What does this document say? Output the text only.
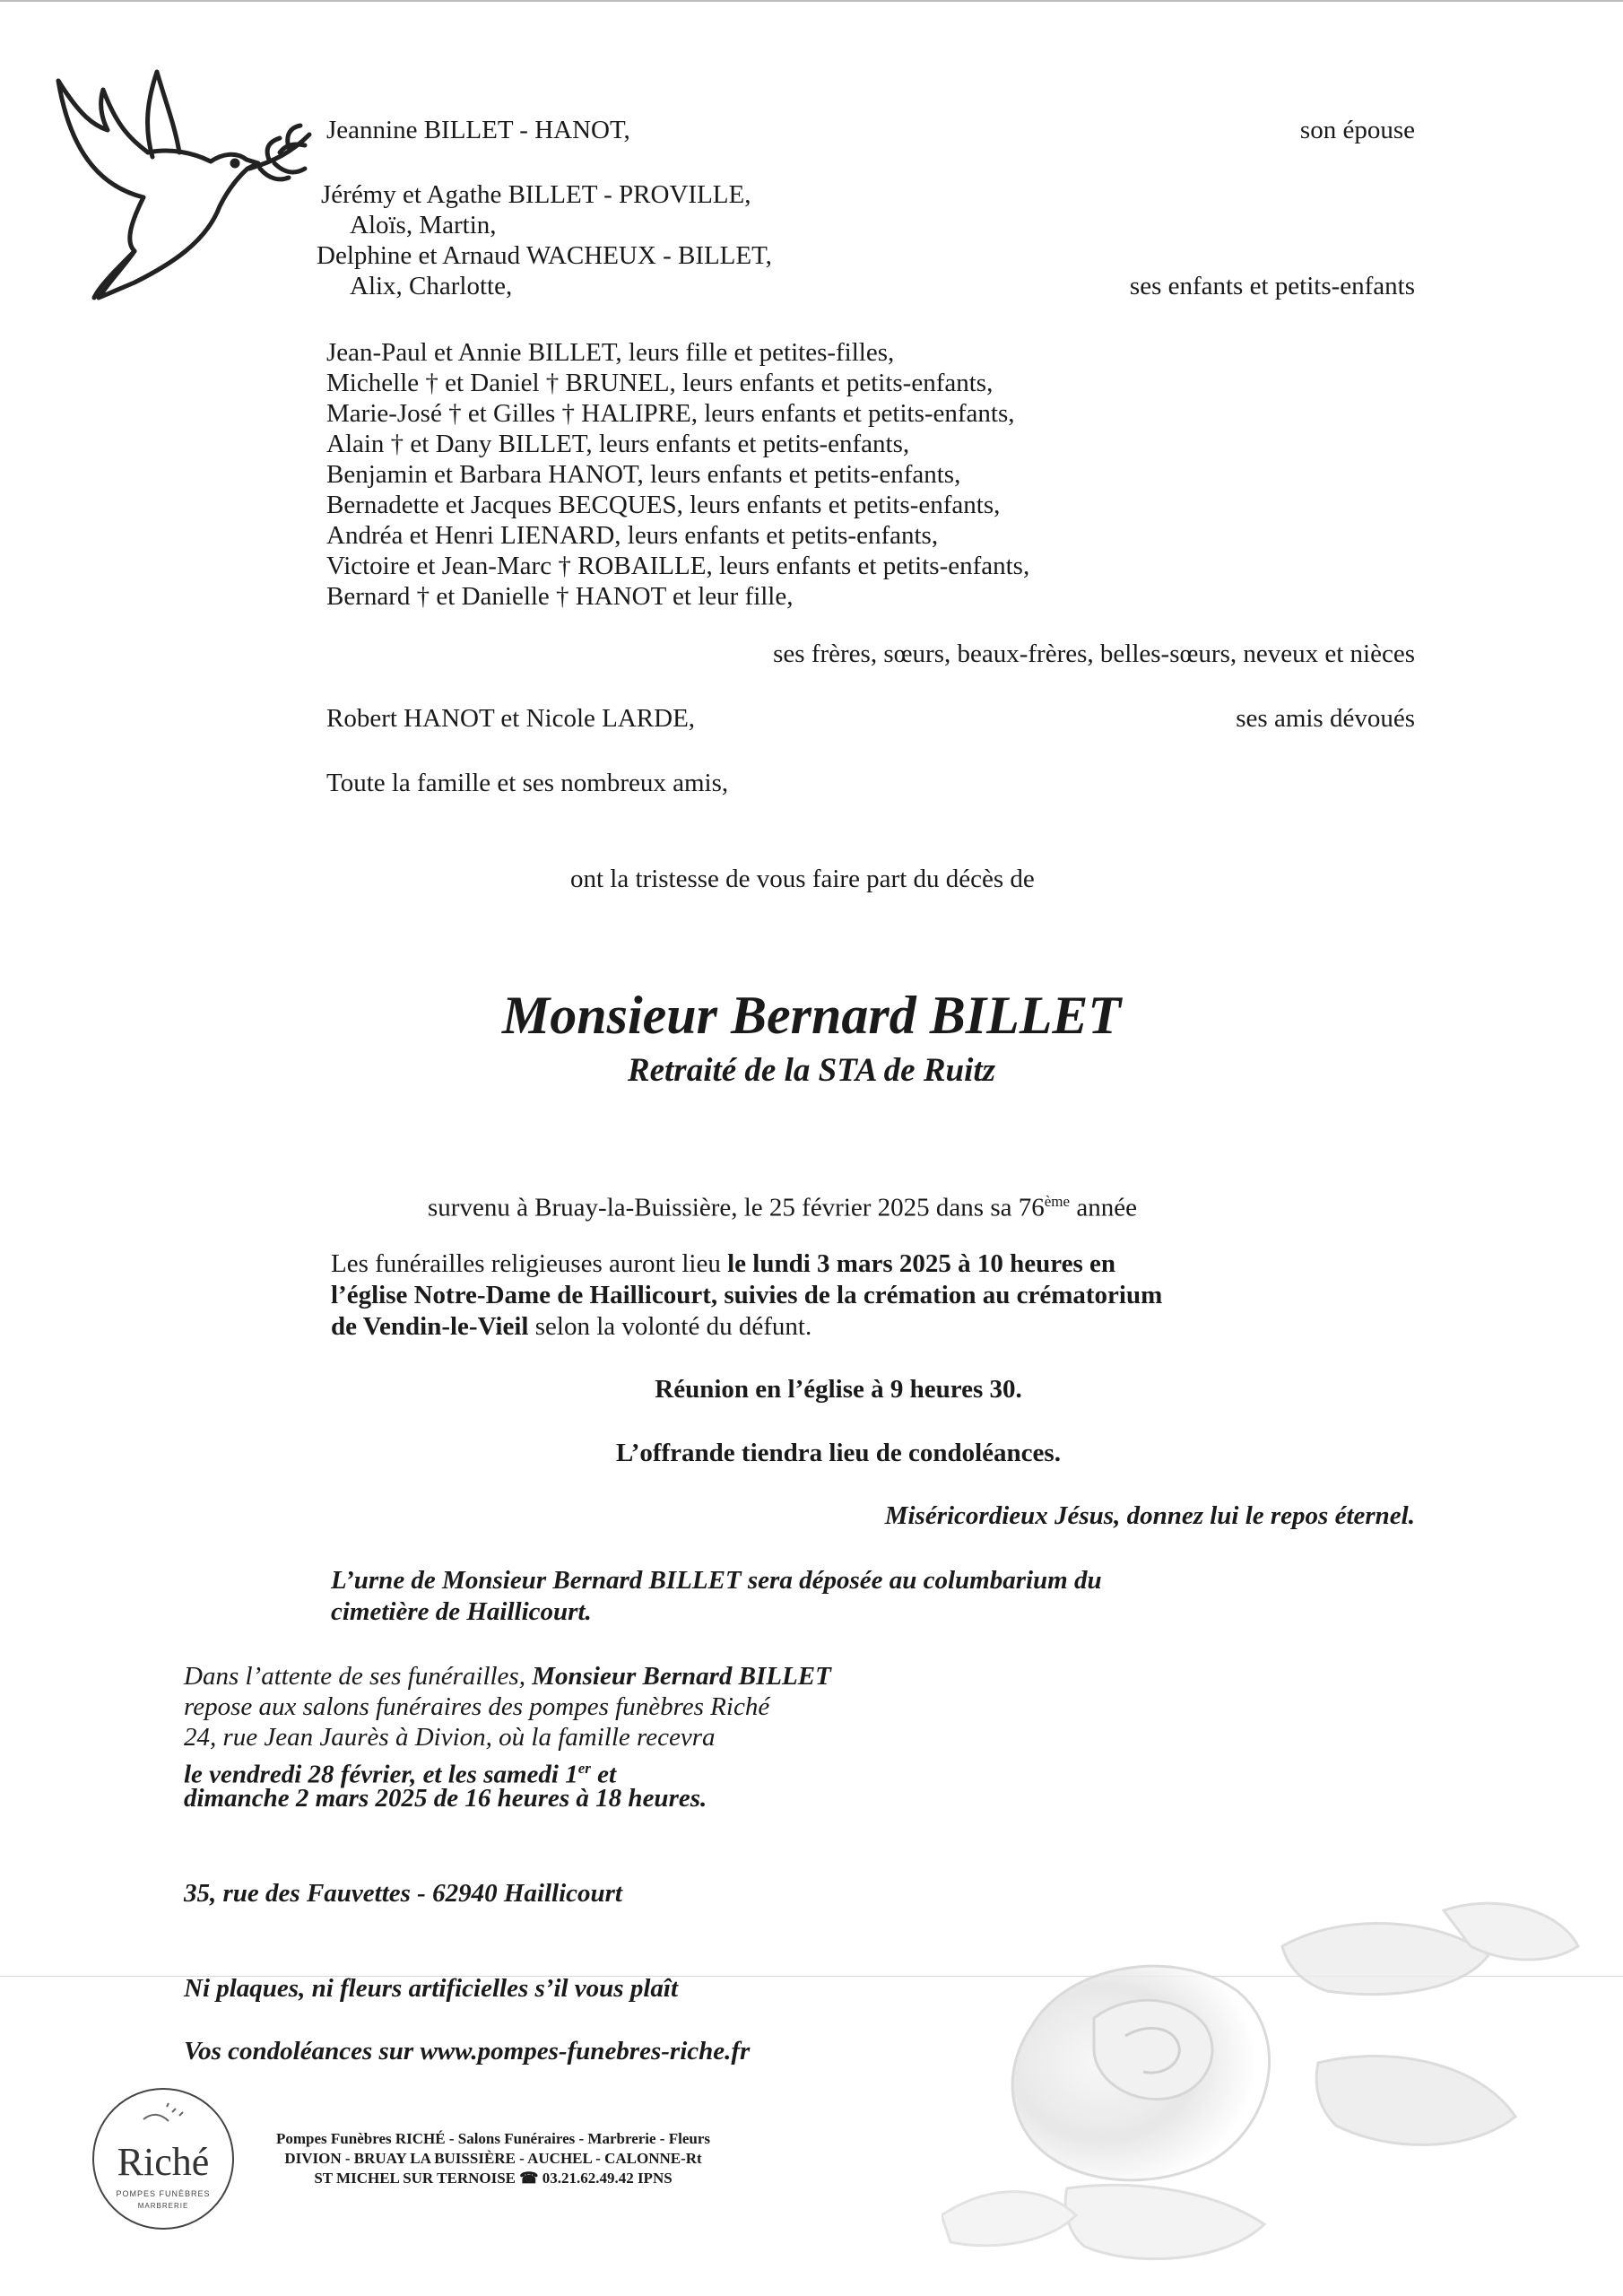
Jeannine BILLET - HANOT,	son épouse
Jérémy et Agathe BILLET - PROVILLE,
Aloïs, Martin,
Delphine et Arnaud WACHEUX - BILLET,
Alix, Charlotte,	ses enfants et petits-enfants
Jean-Paul et Annie BILLET, leurs fille et petites-filles,
Michelle † et Daniel † BRUNEL, leurs enfants et petits-enfants,
Marie-José † et Gilles † HALIPRE, leurs enfants et petits-enfants,
Alain † et Dany BILLET, leurs enfants et petits-enfants,
Benjamin et Barbara HANOT, leurs enfants et petits-enfants,
Bernadette et Jacques BECQUES, leurs enfants et petits-enfants,
Andréa et Henri LIENARD, leurs enfants et petits-enfants,
Victoire et Jean-Marc † ROBAILLE, leurs enfants et petits-enfants,
Bernard † et Danielle † HANOT et leur fille,
ses frères, sœurs, beaux-frères, belles-sœurs, neveux et nièces
Robert HANOT et Nicole LARDE,	ses amis dévoués
Toute la famille et ses nombreux amis,
ont la tristesse de vous faire part du décès de
Monsieur Bernard BILLET
Retraité de la STA de Ruitz
survenu à Bruay-la-Buissière, le 25 février 2025 dans sa 76ème année
Les funérailles religieuses auront lieu le lundi 3 mars 2025 à 10 heures en
l’église Notre-Dame de Haillicourt, suivies de la crémation au crématorium
de Vendin-le-Vieil selon la volonté du défunt.
Réunion en l’église à 9 heures 30.
L’offrande tiendra lieu de condoléances.
Miséricordieux Jésus, donnez lui le repos éternel.
L’urne de Monsieur Bernard BILLET sera déposée au columbarium du
cimetière de Haillicourt.
Dans l’attente de ses funérailles, Monsieur Bernard BILLET
repose aux salons funéraires des pompes funèbres Riché
24, rue Jean Jaurès à Divion, où la famille recevra
le vendredi 28 février, et les samedi 1er et
dimanche 2 mars 2025 de 16 heures à 18 heures.
35, rue des Fauvettes - 62940 Haillicourt
Ni plaques, ni fleurs artificielles s’il vous plaît
Vos condoléances sur www.pompes-funebres-riche.fr
Riché
POMPES FUNÈBRES
MARBRERIE
Pompes Funèbres RICHÉ - Salons Funéraires - Marbrerie - Fleurs
DIVION - BRUAY LA BUISSIÈRE - AUCHEL - CALONNE-Rt
ST MICHEL SUR TERNOISE ☎ 03.21.62.49.42 IPNS
